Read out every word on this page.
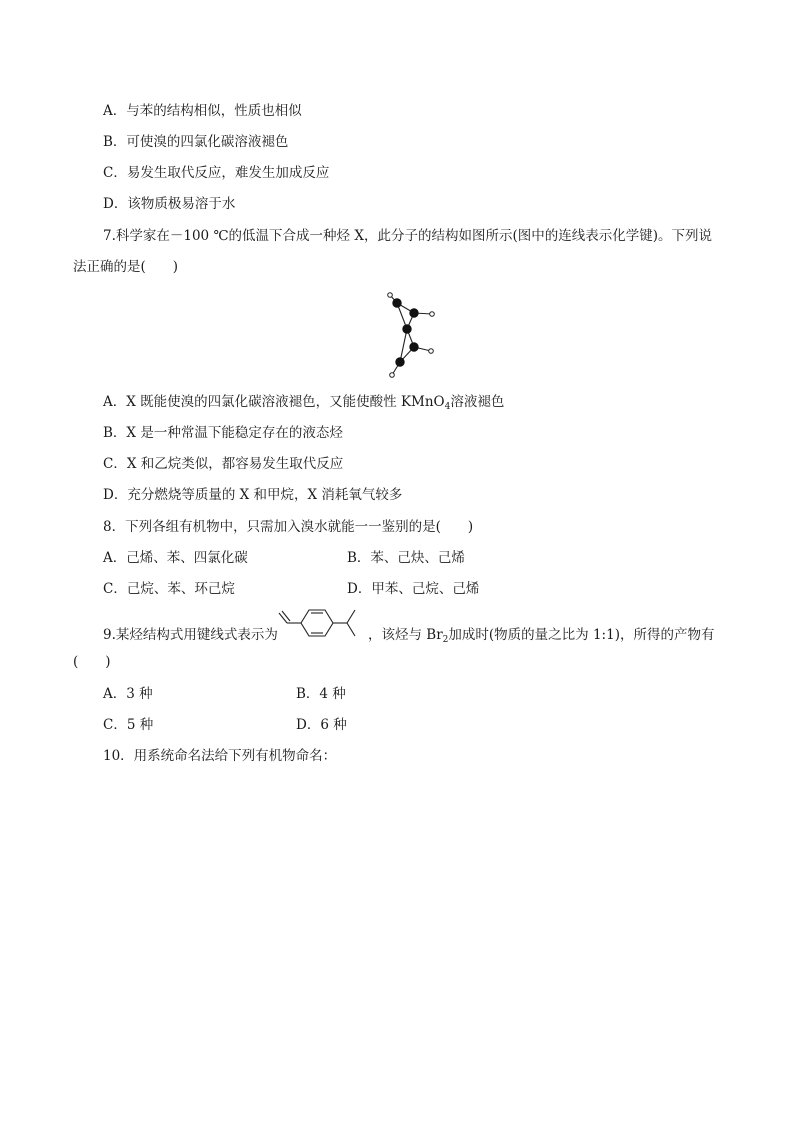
A．与苯的结构相似，性质也相似
B．可使溴的四氯化碳溶液褪色
C．易发生取代反应，难发生加成反应
D．该物质极易溶于水
7.科学家在－100 ℃的低温下合成一种烃 X，此分子的结构如图所示(图中的连线表示化学键)。下列说
法正确的是(　　)
A．X 既能使溴的四氯化碳溶液褪色，又能使酸性 KMnO$_4$溶液褪色
B．X 是一种常温下能稳定存在的液态烃
C．X 和乙烷类似，都容易发生取代反应
D．充分燃烧等质量的 X 和甲烷，X 消耗氧气较多
8．下列各组有机物中，只需加入溴水就能一一鉴别的是(　　)
A．己烯、苯、四氯化碳	B．苯、己炔、己烯
C．己烷、苯、环己烷	D．甲苯、己烷、己烯
9.某烃结构式用键线式表示为	，该烃与 $Br_2$加成时(物质的量之比为 1:1)，所得的产物有
(　　)
A．3 种	B．4 种
C．5 种	D．6 种
10．用系统命名法给下列有机物命名：
